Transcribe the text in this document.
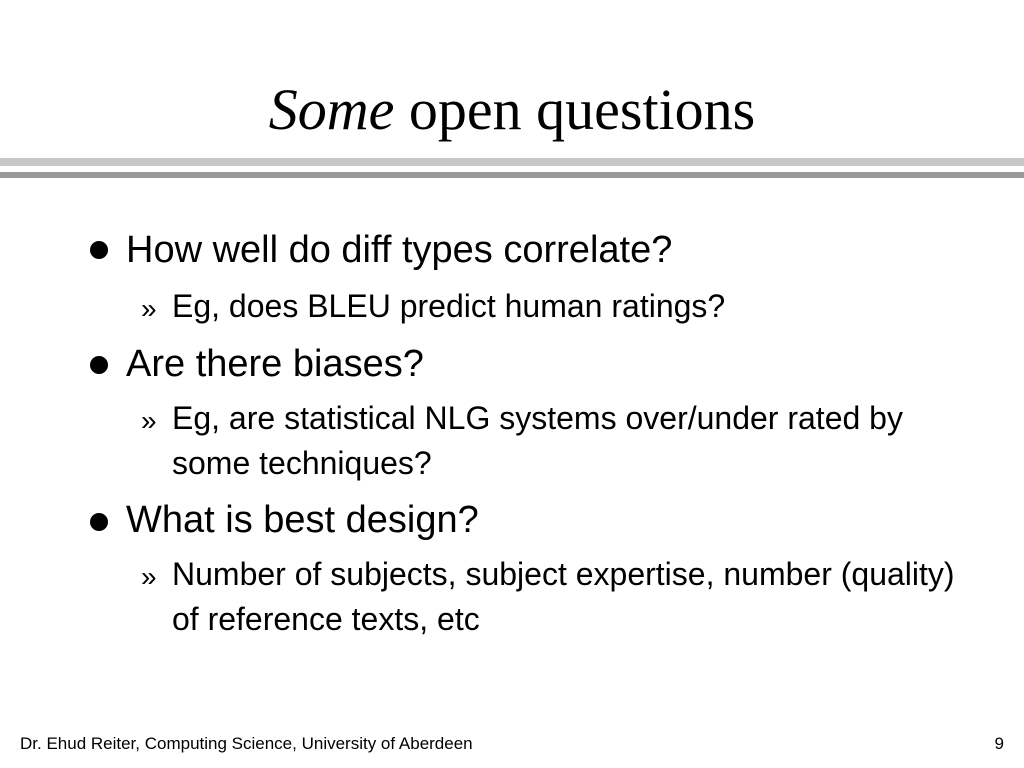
Some open questions
How well do diff types correlate?
» Eg, does BLEU predict human ratings?
Are there biases?
» Eg, are statistical NLG systems over/under rated by some techniques?
What is best design?
» Number of subjects, subject expertise, number (quality) of reference texts, etc
Dr. Ehud Reiter, Computing Science, University of Aberdeen	9
